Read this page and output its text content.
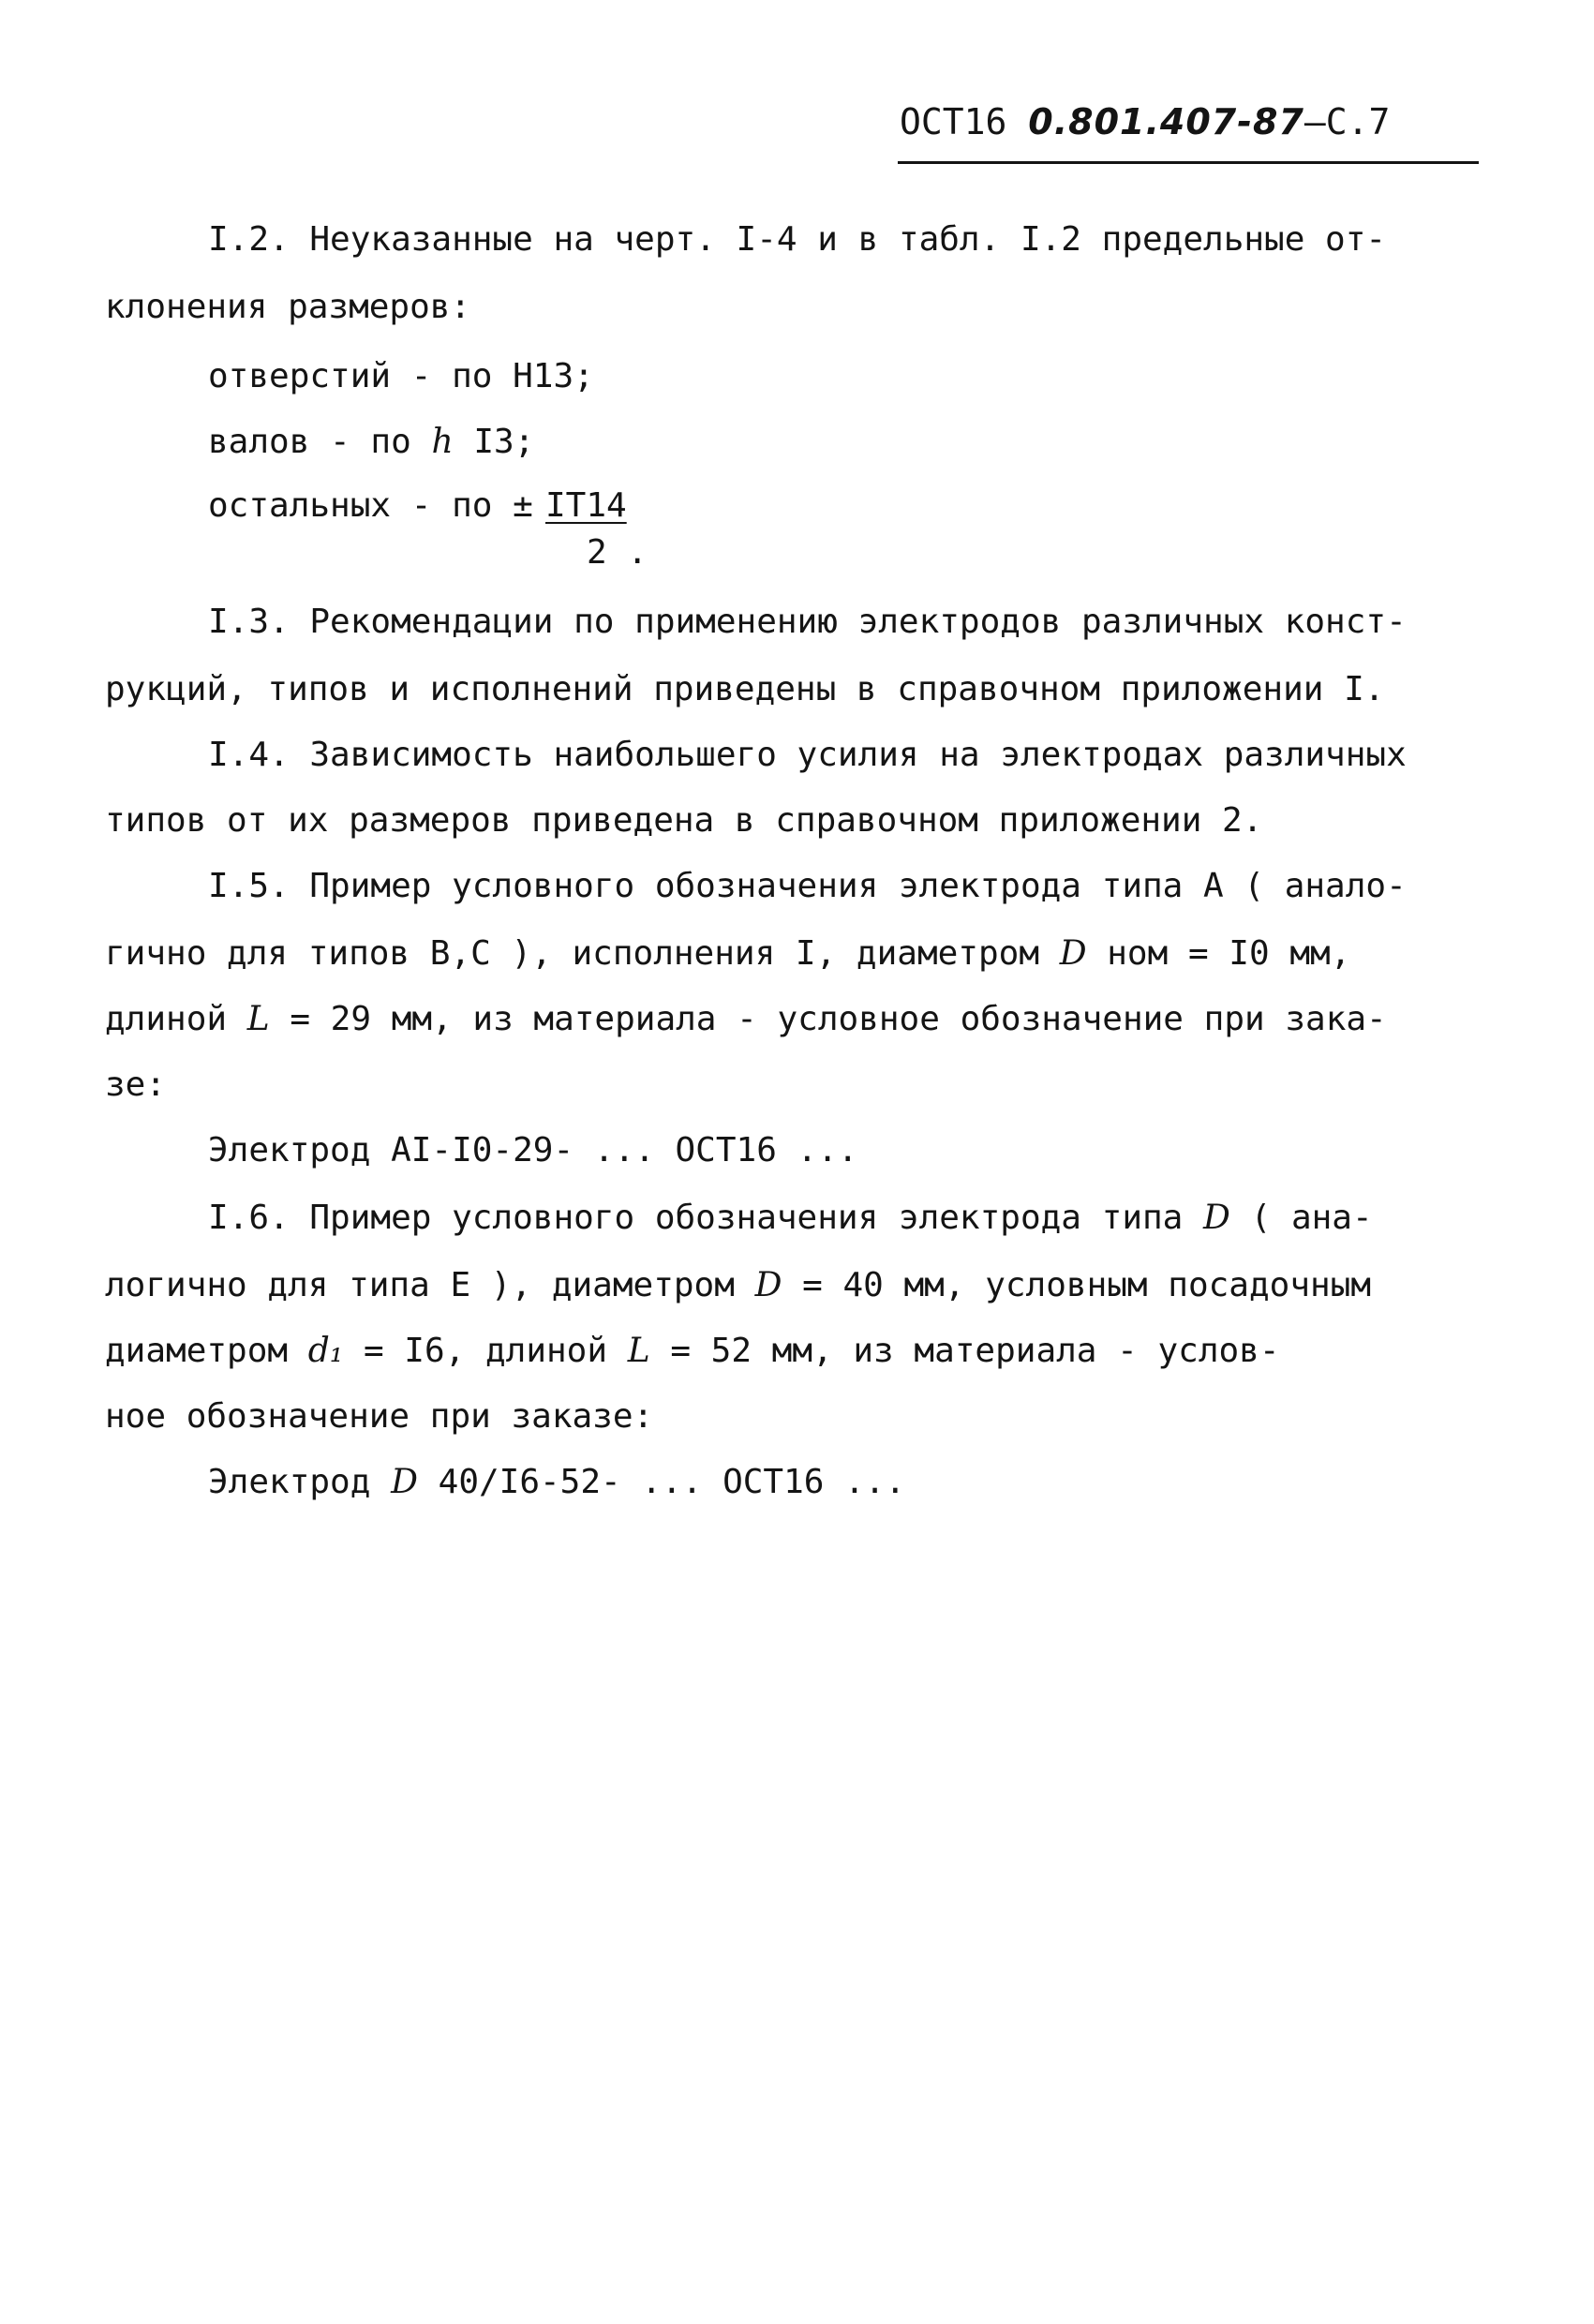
ОСТ16 0.801.407-87–С.7
I.2. Неуказанные на черт. I-4 и в табл. I.2 предельные от-
клонения размеров:
отверстий - по Н13;
валов - по h I3;
остальных - по ± IT14
2 .
I.3. Рекомендации по применению электродов различных конст-
рукций, типов и исполнений приведены в справочном приложении I.
I.4. Зависимость наибольшего усилия на электродах различных
типов от их размеров приведена в справочном приложении 2.
I.5. Пример условного обозначения электрода типа А ( анало-
гично для типов В,С ), исполнения I, диаметром D ном = I0 мм,
длиной L = 29 мм, из материала - условное обозначение при зака-
зе:
Электрод АI-I0-29- ... ОСТ16 ...
I.6. Пример условного обозначения электрода типа D ( ана-
логично для типа Е ), диаметром D = 40 мм, условным посадочным
диаметром d₁ = I6, длиной L = 52 мм, из материала - услов-
ное обозначение при заказе:
Электрод D 40/I6-52- ... ОСТ16 ...
